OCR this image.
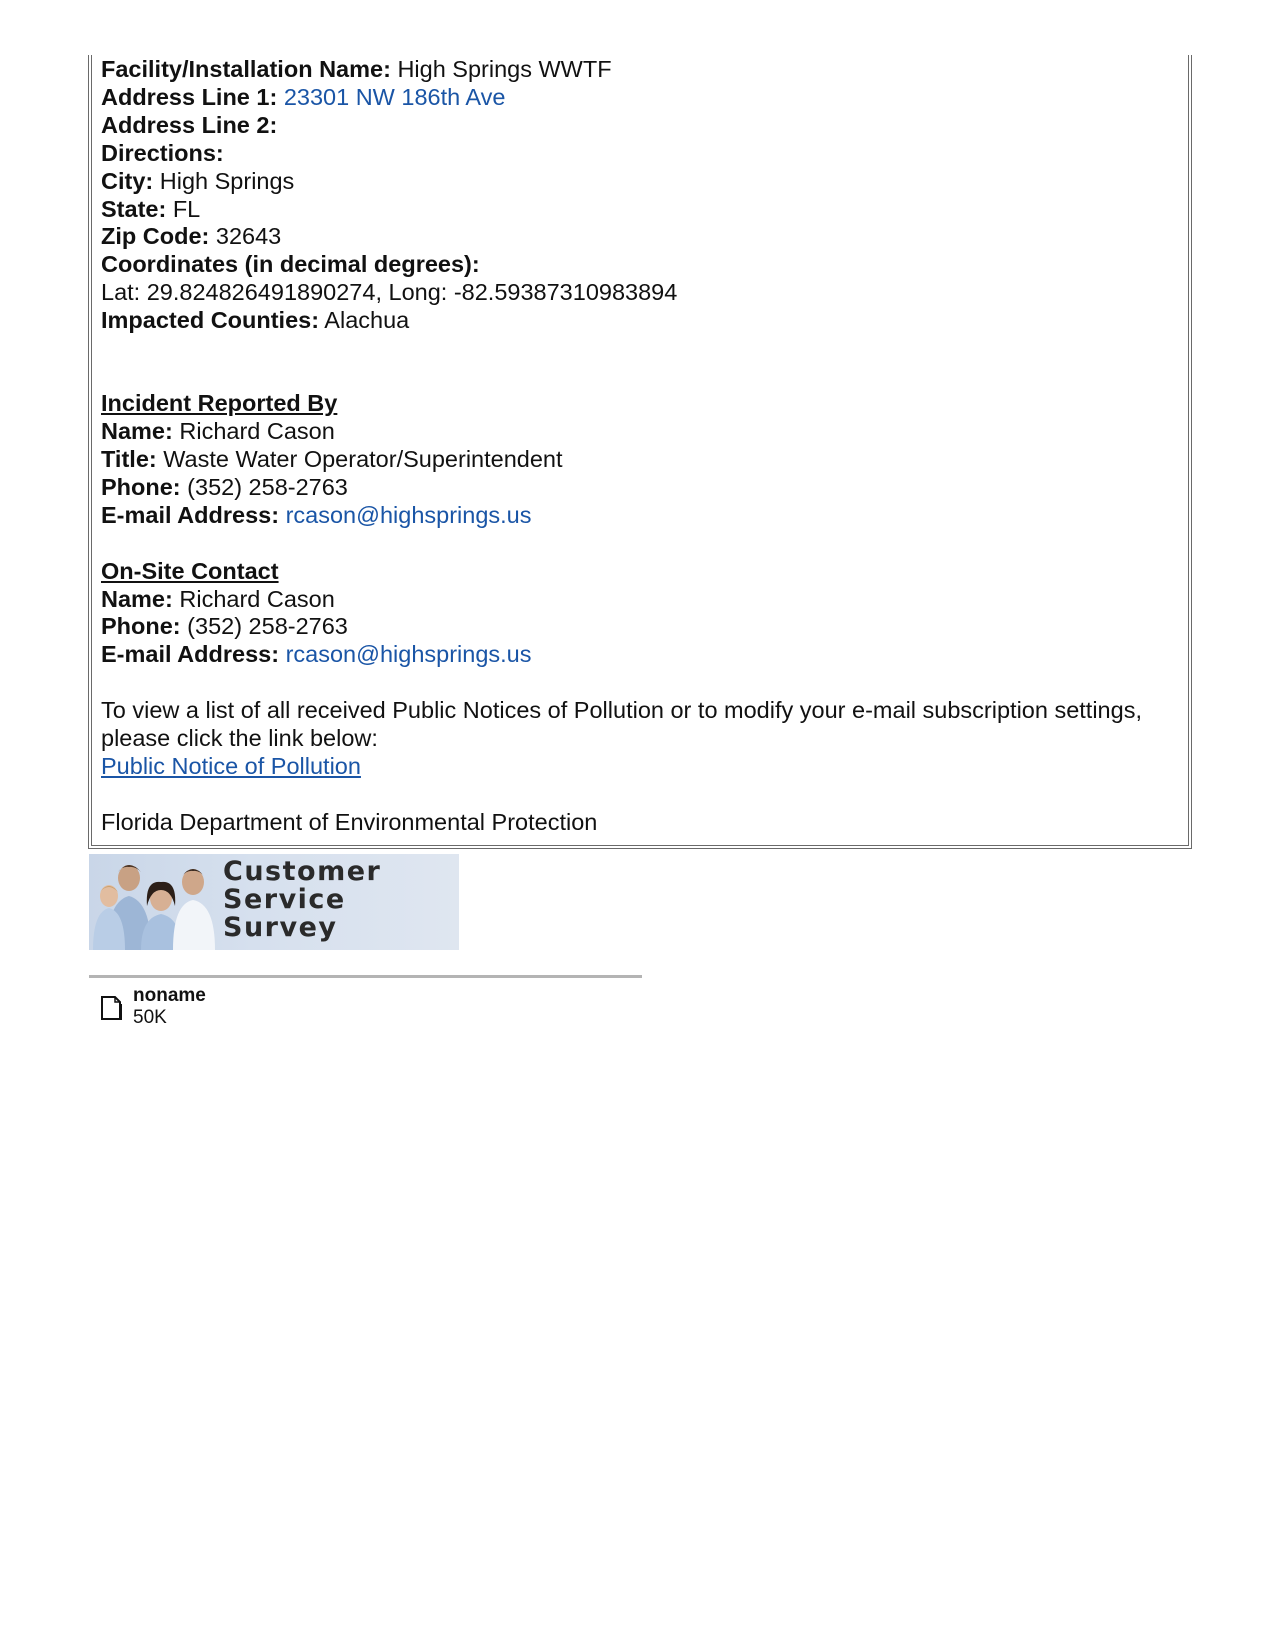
Facility/Installation Name: High Springs WWTF
Address Line 1: 23301 NW 186th Ave
Address Line 2:
Directions:
City: High Springs
State: FL
Zip Code: 32643
Coordinates (in decimal degrees):
Lat: 29.824826491890274, Long: -82.59387310983894
Impacted Counties: Alachua
Incident Reported By
Name: Richard Cason
Title: Waste Water Operator/Superintendent
Phone: (352) 258-2763
E-mail Address: rcason@highsprings.us
On-Site Contact
Name: Richard Cason
Phone: (352) 258-2763
E-mail Address: rcason@highsprings.us
To view a list of all received Public Notices of Pollution or to modify your e-mail subscription settings, please click the link below:
Public Notice of Pollution
Florida Department of Environmental Protection
Customer
Service
Survey
noname
50K
